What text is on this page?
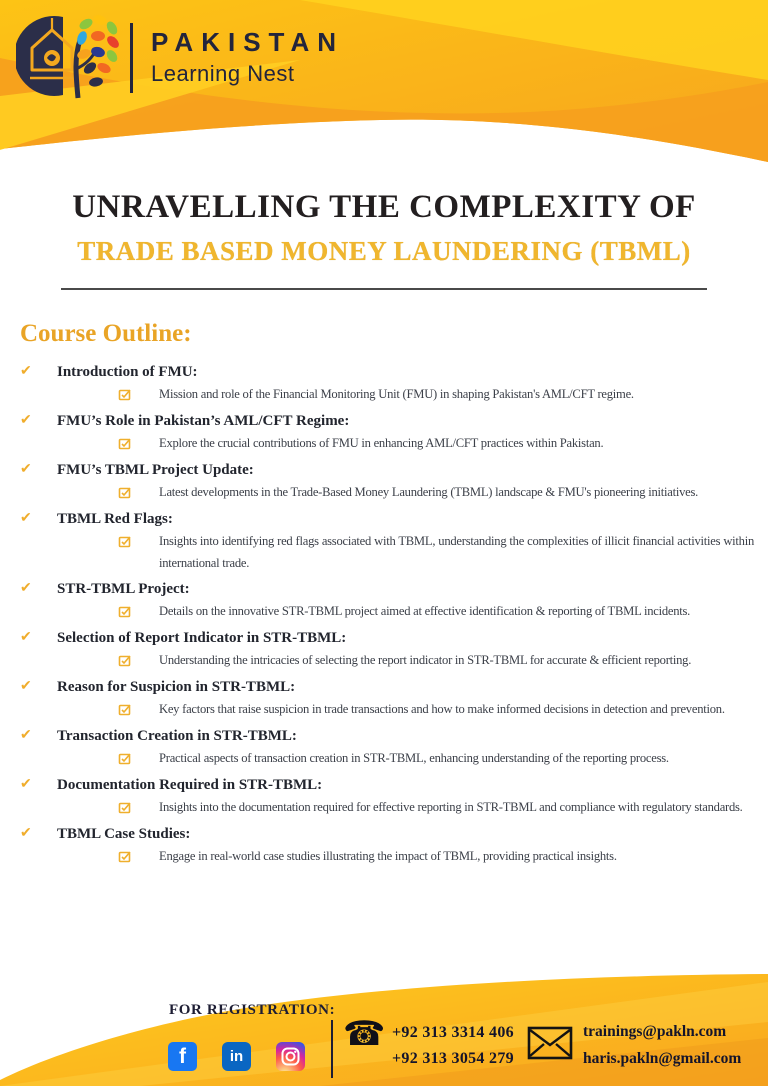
PAKISTAN
Learning Nest
UNRAVELLING THE COMPLEXITY OF
TRADE BASED MONEY LAUNDERING (TBML)
Course Outline:
✔	Introduction of FMU:
Mission and role of the Financial Monitoring Unit (FMU) in shaping Pakistan's AML/CFT regime.
✔	FMU’s Role in Pakistan’s AML/CFT Regime:
Explore the crucial contributions of FMU in enhancing AML/CFT practices within Pakistan.
✔	FMU’s TBML Project Update:
Latest developments in the Trade-Based Money Laundering (TBML) landscape & FMU's pioneering initiatives.
✔	TBML Red Flags:
Insights into identifying red flags associated with TBML, understanding the complexities of illicit financial activities within international trade.
✔	STR-TBML Project:
Details on the innovative STR-TBML project aimed at effective identification & reporting of TBML incidents.
✔	Selection of Report Indicator in STR-TBML:
Understanding the intricacies of selecting the report indicator in STR-TBML for accurate & efficient reporting.
✔	Reason for Suspicion in STR-TBML:
Key factors that raise suspicion in trade transactions and how to make informed decisions in detection and prevention.
✔	Transaction Creation in STR-TBML:
Practical aspects of transaction creation in STR-TBML, enhancing understanding of the reporting process.
✔	Documentation Required in STR-TBML:
Insights into the documentation required for effective reporting in STR-TBML and compliance with regulatory standards.
✔	TBML Case Studies:
Engage in real-world case studies illustrating the impact of TBML, providing practical insights.
FOR REGISTRATION:
f	in
☎ +92 313 3314 406
+92 313 3054 279
trainings@pakln.com
haris.pakln@gmail.com
